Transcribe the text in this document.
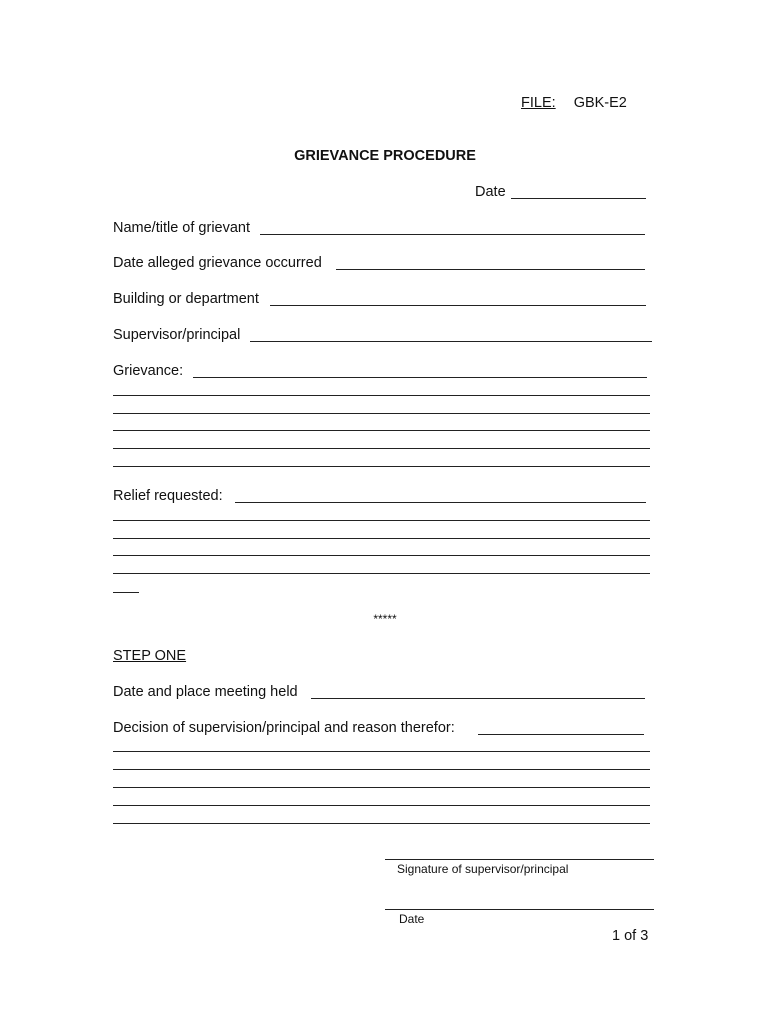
FILE: GBK-E2
GRIEVANCE PROCEDURE
Date
Name/title of grievant
Date alleged grievance occurred
Building or department
Supervisor/principal
Grievance:
Relief requested:
*****
STEP ONE
Date and place meeting held
Decision of supervision/principal and reason therefor:
Signature of supervisor/principal
Date
1 of 3
